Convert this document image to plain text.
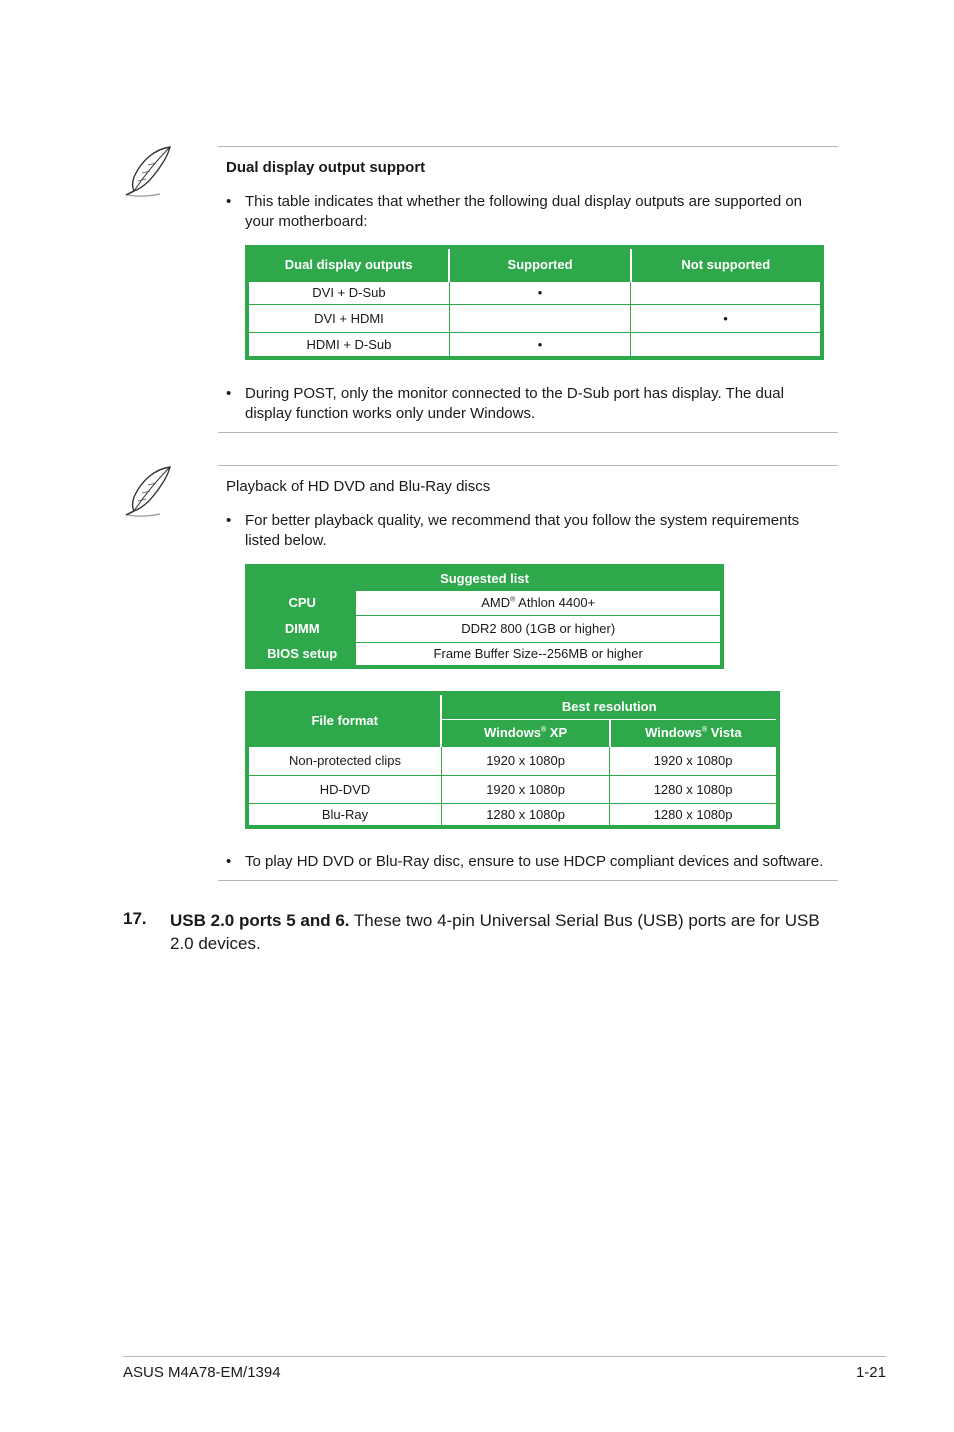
Dual display output support
• This table indicates that whether the following dual display outputs are supported on your motherboard:
Dual display outputs	Supported	Not supported
DVI + D-Sub	•	
DVI + HDMI		•
HDMI + D-Sub	•	
• During POST, only the monitor connected to the D-Sub port has display. The dual display function works only under Windows.
Playback of HD DVD and Blu-Ray discs
• For better playback quality, we recommend that you follow the system requirements listed below.
Suggested list	
CPU	AMD® Athlon 4400+
DIMM	DDR2 800 (1GB or higher)
BIOS setup	Frame Buffer Size--256MB or higher
File format	Best resolution	
	Windows® XP	Windows® Vista
Non-protected clips	1920 x 1080p	1920 x 1080p
HD-DVD	1920 x 1080p	1280 x 1080p
Blu-Ray	1280 x 1080p	1280 x 1080p
• To play HD DVD or Blu-Ray disc, ensure to use HDCP compliant devices and software.
17. USB 2.0 ports 5 and 6. These two 4-pin Universal Serial Bus (USB) ports are for USB 2.0 devices.
ASUS M4A78-EM/1394	1-21
